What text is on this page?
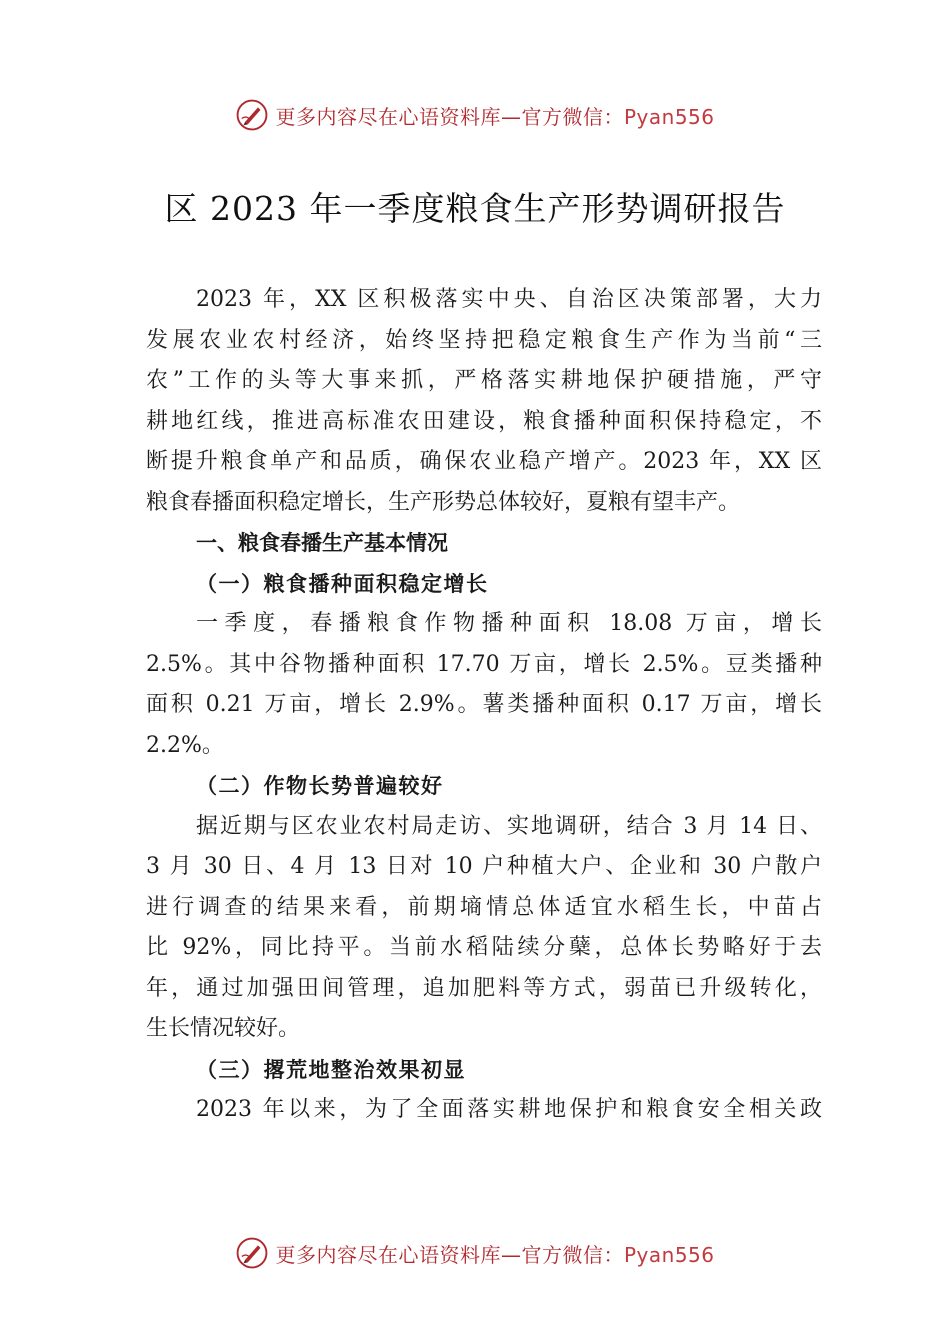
更多内容尽在心语资料库—官方微信：Pyan556
区 2023 年一季度粮食生产形势调研报告
2023 年，XX 区积极落实中央、自治区决策部署，大力
发展农业农村经济，始终坚持把稳定粮食生产作为当前“三
农”工作的头等大事来抓，严格落实耕地保护硬措施，严守
耕地红线，推进高标准农田建设，粮食播种面积保持稳定，不
断提升粮食单产和品质，确保农业稳产增产。2023 年，XX 区
粮食春播面积稳定增长，生产形势总体较好，夏粮有望丰产。
一、粮食春播生产基本情况
（一）粮食播种面积稳定增长
一季度，春播粮食作物播种面积 18.08 万亩，增长
2.5%。其中谷物播种面积 17.70 万亩，增长 2.5%。豆类播种
面积 0.21 万亩，增长 2.9%。薯类播种面积 0.17 万亩，增长
2.2%。
（二）作物长势普遍较好
据近期与区农业农村局走访、实地调研，结合 3 月 14 日、
3 月 30 日、4 月 13 日对 10 户种植大户、企业和 30 户散户
进行调查的结果来看，前期墒情总体适宜水稻生长，中苗占
比 92%，同比持平。当前水稻陆续分蘖，总体长势略好于去
年，通过加强田间管理，追加肥料等方式，弱苗已升级转化，
生长情况较好。
（三）撂荒地整治效果初显
2023 年以来，为了全面落实耕地保护和粮食安全相关政
更多内容尽在心语资料库—官方微信：Pyan556
